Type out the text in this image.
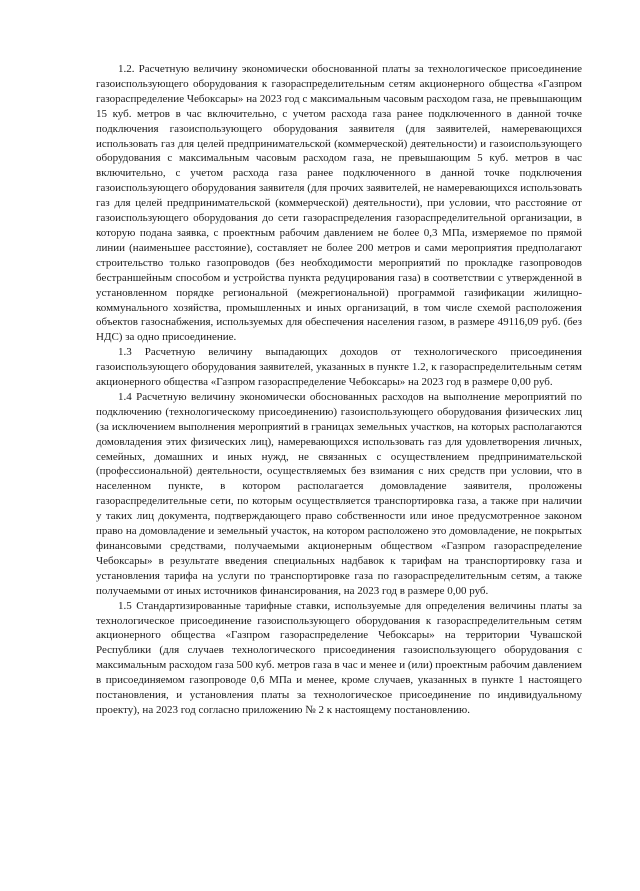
1.2. Расчетную величину экономически обоснованной платы за технологическое присоединение газоиспользующего оборудования к газораспределительным сетям акционерного общества «Газпром газораспределение Чебоксары» на 2023 год с максимальным часовым расходом газа, не превышающим 15 куб. метров в час включительно, с учетом расхода газа ранее подключенного в данной точке подключения газоиспользующего оборудования заявителя (для заявителей, намеревающихся использовать газ для целей предпринимательской (коммерческой) деятельности) и газоиспользующего оборудования с максимальным часовым расходом газа, не превышающим 5 куб. метров в час включительно, с учетом расхода газа ранее подключенного в данной точке подключения газоиспользующего оборудования заявителя (для прочих заявителей, не намеревающихся использовать газ для целей предпринимательской (коммерческой) деятельности), при условии, что расстояние от газоиспользующего оборудования до сети газораспределения газораспределительной организации, в которую подана заявка, с проектным рабочим давлением не более 0,3 МПа, измеряемое по прямой линии (наименьшее расстояние), составляет не более 200 метров и сами мероприятия предполагают строительство только газопроводов (без необходимости мероприятий по прокладке газопроводов бестраншейным способом и устройства пункта редуцирования газа) в соответствии с утвержденной в установленном порядке региональной (межрегиональной) программой газификации жилищно-коммунального хозяйства, промышленных и иных организаций, в том числе схемой расположения объектов газоснабжения, используемых для обеспечения населения газом, в размере 49116,09 руб. (без НДС) за одно присоединение.

1.3 Расчетную величину выпадающих доходов от технологического присоединения газоиспользующего оборудования заявителей, указанных в пункте 1.2, к газораспределительным сетям акционерного общества «Газпром газораспределение Чебоксары» на 2023 год в размере 0,00 руб.

1.4 Расчетную величину экономически обоснованных расходов на выполнение мероприятий по подключению (технологическому присоединению) газоиспользующего оборудования физических лиц (за исключением выполнения мероприятий в границах земельных участков, на которых располагаются домовладения этих физических лиц), намеревающихся использовать газ для удовлетворения личных, семейных, домашних и иных нужд, не связанных с осуществлением предпринимательской (профессиональной) деятельности, осуществляемых без взимания с них средств при условии, что в населенном пункте, в котором располагается домовладение заявителя, проложены газораспределительные сети, по которым осуществляется транспортировка газа, а также при наличии у таких лиц документа, подтверждающего право собственности или иное предусмотренное законом право на домовладение и земельный участок, на котором расположено это домовладение, не покрытых финансовыми средствами, получаемыми акционерным обществом «Газпром газораспределение Чебоксары» в результате введения специальных надбавок к тарифам на транспортировку газа и установления тарифа на услуги по транспортировке газа по газораспределительным сетям, а также получаемыми от иных источников финансирования, на 2023 год в размере 0,00 руб.

1.5 Стандартизированные тарифные ставки, используемые для определения величины платы за технологическое присоединение газоиспользующего оборудования к газораспределительным сетям акционерного общества «Газпром газораспределение Чебоксары» на территории Чувашской Республики (для случаев технологического присоединения газоиспользующего оборудования с максимальным расходом газа 500 куб. метров газа в час и менее и (или) проектным рабочим давлением в присоединяемом газопроводе 0,6 МПа и менее, кроме случаев, указанных в пункте 1 настоящего постановления, и установления платы за технологическое присоединение по индивидуальному проекту), на 2023 год согласно приложению № 2 к настоящему постановлению.
